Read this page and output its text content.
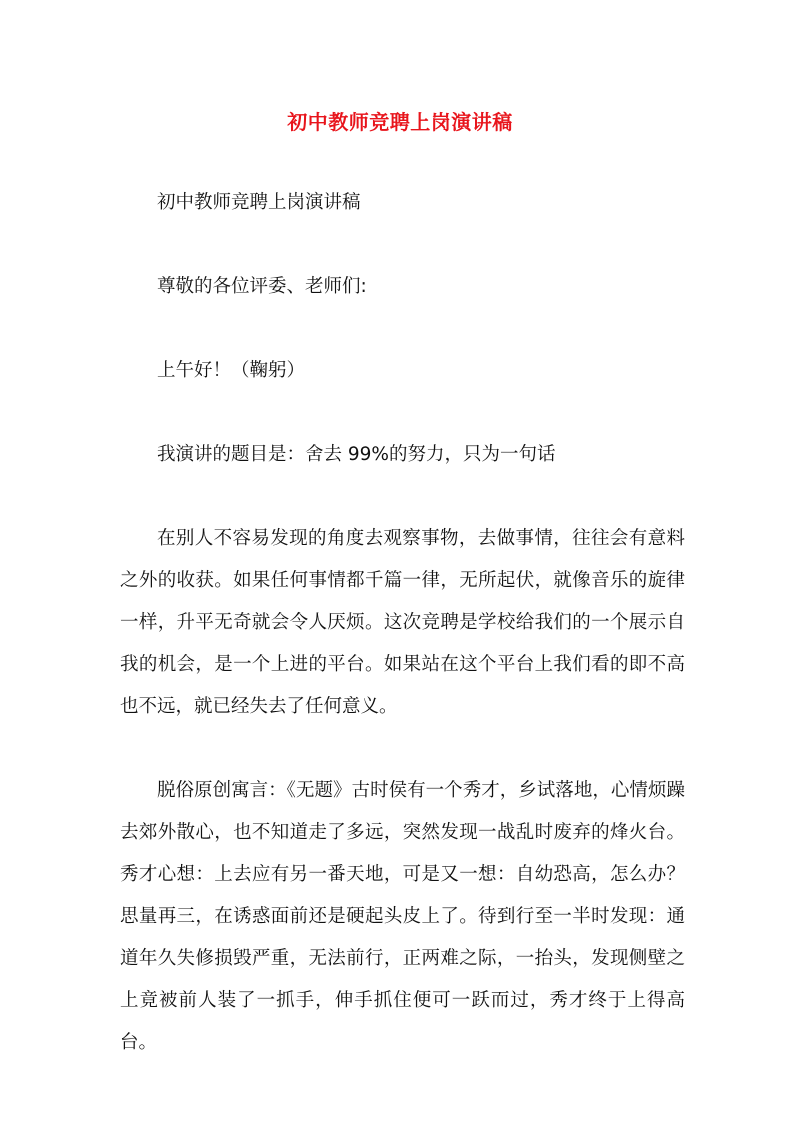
初中教师竞聘上岗演讲稿

初中教师竞聘上岗演讲稿

尊敬的各位评委、老师们:

上午好！（鞠躬）

我演讲的题目是：舍去 99%的努力，只为一句话

在别人不容易发现的角度去观察事物，去做事情，往往会有意料之外的收获。如果任何事情都千篇一律，无所起伏，就像音乐的旋律一样，升平无奇就会令人厌烦。这次竞聘是学校给我们的一个展示自我的机会，是一个上进的平台。如果站在这个平台上我们看的即不高也不远，就已经失去了任何意义。

脱俗原创寓言：《无题》古时侯有一个秀才，乡试落地，心情烦躁去郊外散心，也不知道走了多远，突然发现一战乱时废弃的烽火台。秀才心想：上去应有另一番天地，可是又一想：自幼恐高，怎么办？思量再三，在诱惑面前还是硬起头皮上了。待到行至一半时发现：通道年久失修损毁严重，无法前行，正两难之际，一抬头，发现侧壁之上竟被前人装了一抓手，伸手抓住便可一跃而过，秀才终于上得高台。
